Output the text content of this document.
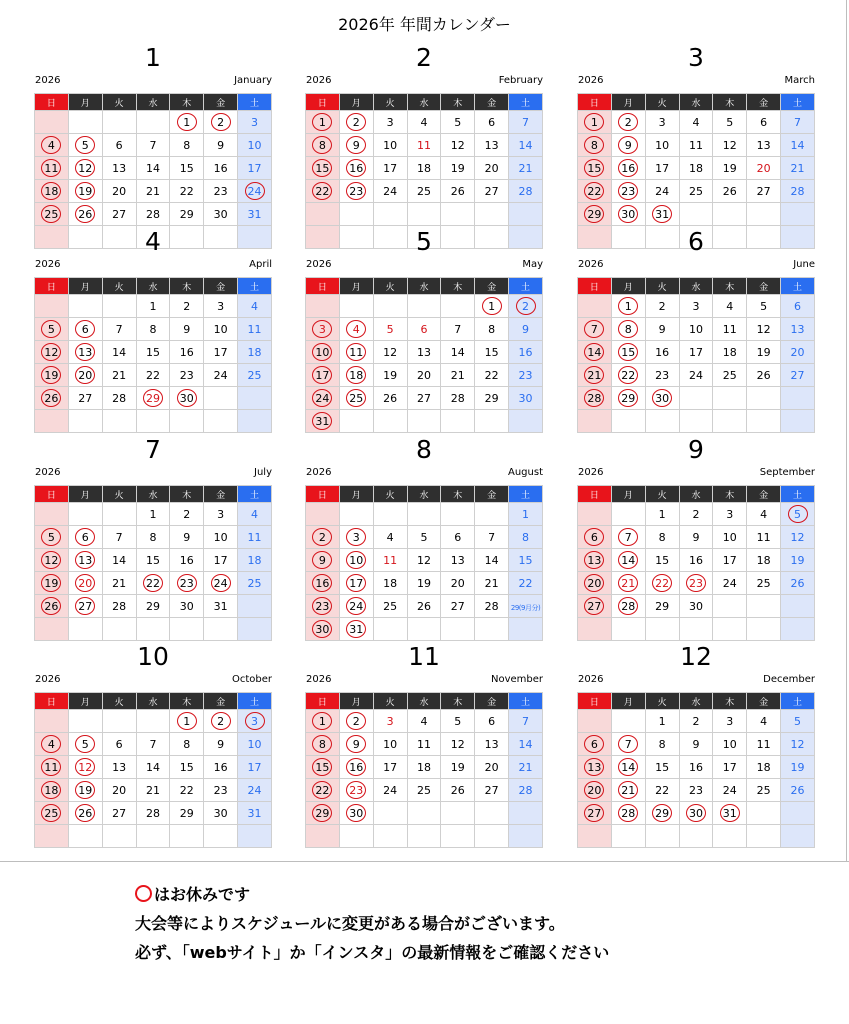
2026年 年間カレンダー
2026
1
January
日	月	火	水	木	金	土
				1	2	3
4	5	6	7	8	9	10
11	12	13	14	15	16	17
18	19	20	21	22	23	24
25	26	27	28	29	30	31

2026
2
February
日	月	火	水	木	金	土
1	2	3	4	5	6	7
8	9	10	11	12	13	14
15	16	17	18	19	20	21
22	23	24	25	26	27	28

2026
3
March
日	月	火	水	木	金	土
1	2	3	4	5	6	7
8	9	10	11	12	13	14
15	16	17	18	19	20	21
22	23	24	25	26	27	28
29	30	31				

2026
4
April
日	月	火	水	木	金	土
			1	2	3	4
5	6	7	8	9	10	11
12	13	14	15	16	17	18
19	20	21	22	23	24	25
26	27	28	29	30		

2026
5
May
日	月	火	水	木	金	土
					1	2
3	4	5	6	7	8	9
10	11	12	13	14	15	16
17	18	19	20	21	22	23
24	25	26	27	28	29	30
31						
2026
6
June
日	月	火	水	木	金	土
	1	2	3	4	5	6
7	8	9	10	11	12	13
14	15	16	17	18	19	20
21	22	23	24	25	26	27
28	29	30				

2026
7
July
日	月	火	水	木	金	土
			1	2	3	4
5	6	7	8	9	10	11
12	13	14	15	16	17	18
19	20	21	22	23	24	25
26	27	28	29	30	31	

2026
8
August
日	月	火	水	木	金	土
						1
2	3	4	5	6	7	8
9	10	11	12	13	14	15
16	17	18	19	20	21	22
23	24	25	26	27	28	29(9月分)
30	31					
2026
9
September
日	月	火	水	木	金	土
		1	2	3	4	5
6	7	8	9	10	11	12
13	14	15	16	17	18	19
20	21	22	23	24	25	26
27	28	29	30			

2026
10
October
日	月	火	水	木	金	土
				1	2	3
4	5	6	7	8	9	10
11	12	13	14	15	16	17
18	19	20	21	22	23	24
25	26	27	28	29	30	31

2026
11
November
日	月	火	水	木	金	土
1	2	3	4	5	6	7
8	9	10	11	12	13	14
15	16	17	18	19	20	21
22	23	24	25	26	27	28
29	30					

2026
12
December
日	月	火	水	木	金	土
		1	2	3	4	5
6	7	8	9	10	11	12
13	14	15	16	17	18	19
20	21	22	23	24	25	26
27	28	29	30	31		

はお休みです
大会等によりスケジュールに変更がある場合がございます。
必ず、「webサイト」か「インスタ」の最新情報をご確認ください
